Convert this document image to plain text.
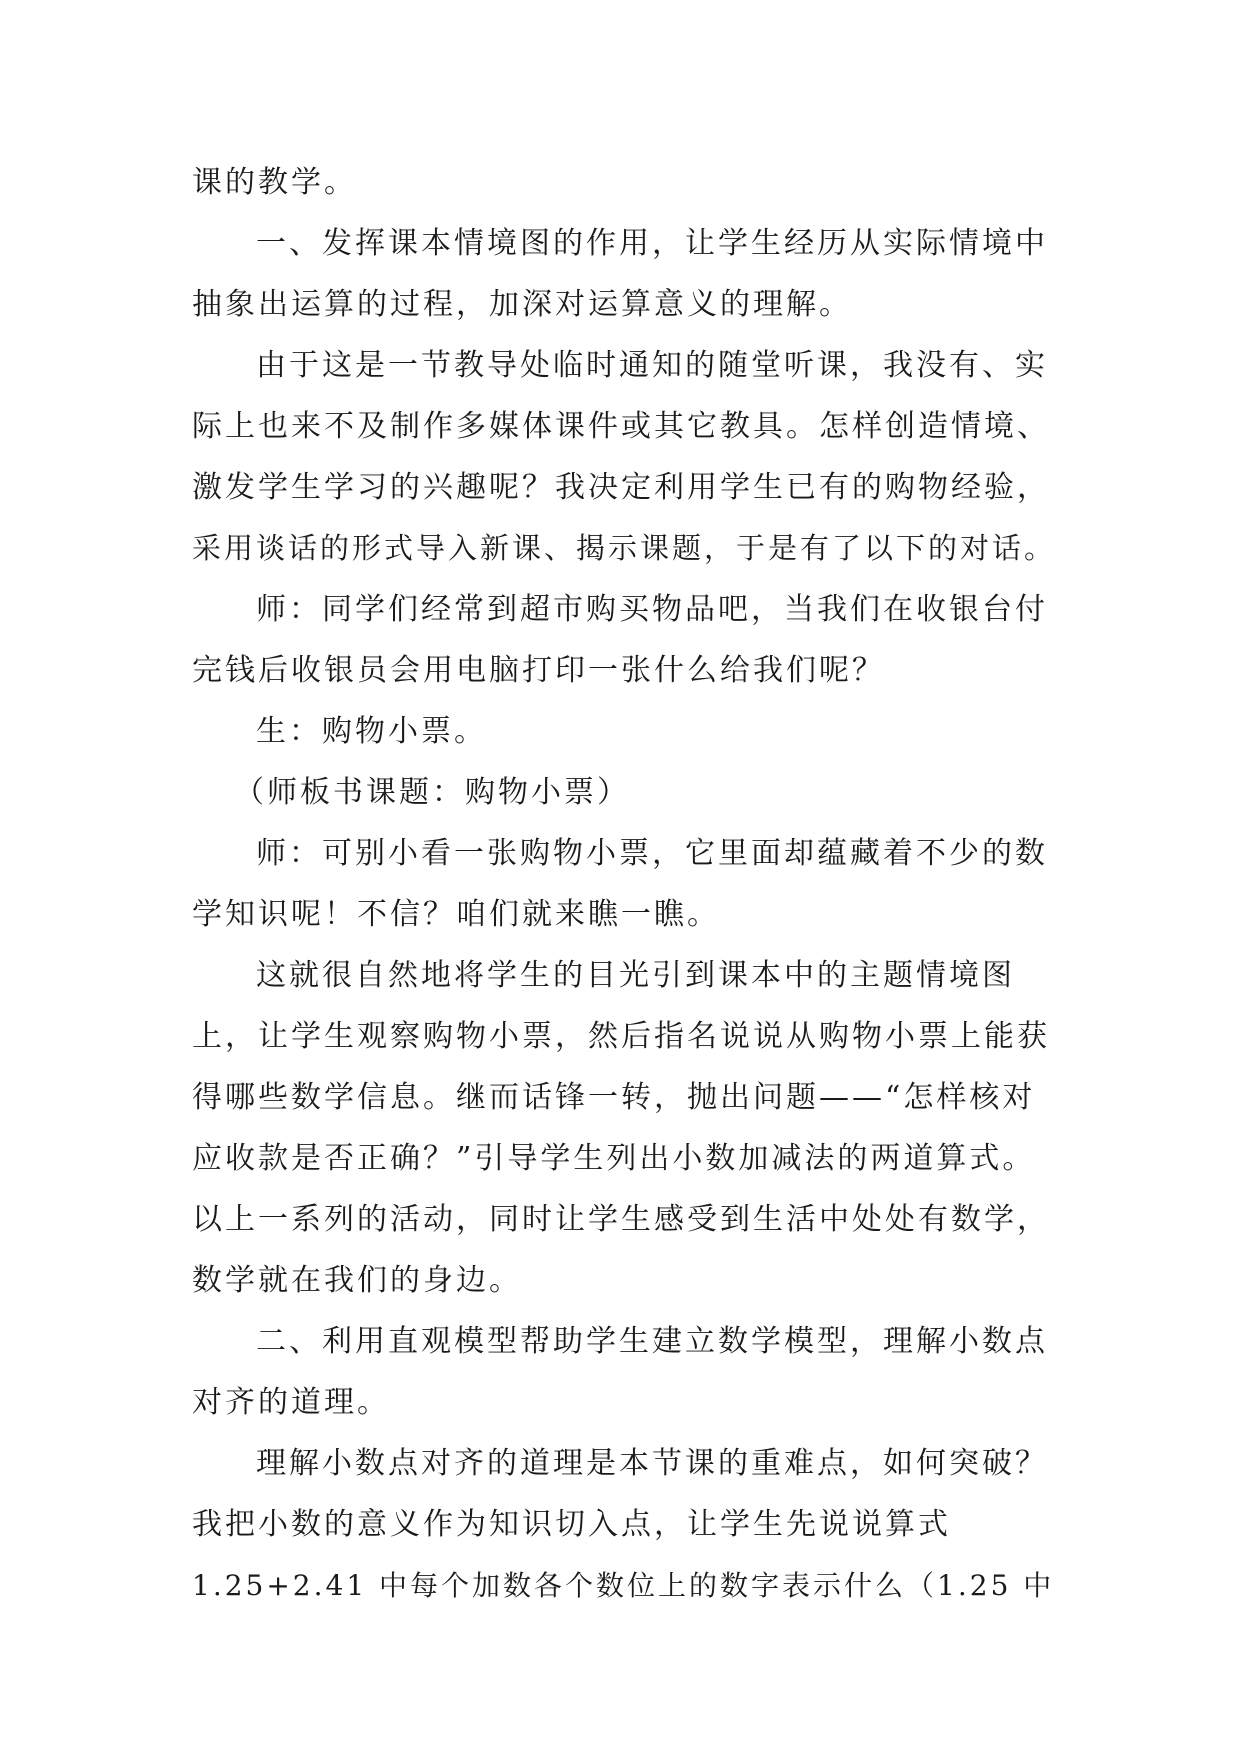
课的教学。
一、发挥课本情境图的作用，让学生经历从实际情境中
抽象出运算的过程，加深对运算意义的理解。
由于这是一节教导处临时通知的随堂听课，我没有、实
际上也来不及制作多媒体课件或其它教具。怎样创造情境、
激发学生学习的兴趣呢？我决定利用学生已有的购物经验，
采用谈话的形式导入新课、揭示课题，于是有了以下的对话。
师：同学们经常到超市购买物品吧，当我们在收银台付
完钱后收银员会用电脑打印一张什么给我们呢？
生：购物小票。
（师板书课题：购物小票）
师：可别小看一张购物小票，它里面却蕴藏着不少的数
学知识呢！不信？咱们就来瞧一瞧。
这就很自然地将学生的目光引到课本中的主题情境图
上，让学生观察购物小票，然后指名说说从购物小票上能获
得哪些数学信息。继而话锋一转，抛出问题——“怎样核对
应收款是否正确？”引导学生列出小数加减法的两道算式。
以上一系列的活动，同时让学生感受到生活中处处有数学，
数学就在我们的身边。
二、利用直观模型帮助学生建立数学模型，理解小数点
对齐的道理。
理解小数点对齐的道理是本节课的重难点，如何突破？
我把小数的意义作为知识切入点，让学生先说说算式
1.25+2.41 中每个加数各个数位上的数字表示什么（1.25 中
